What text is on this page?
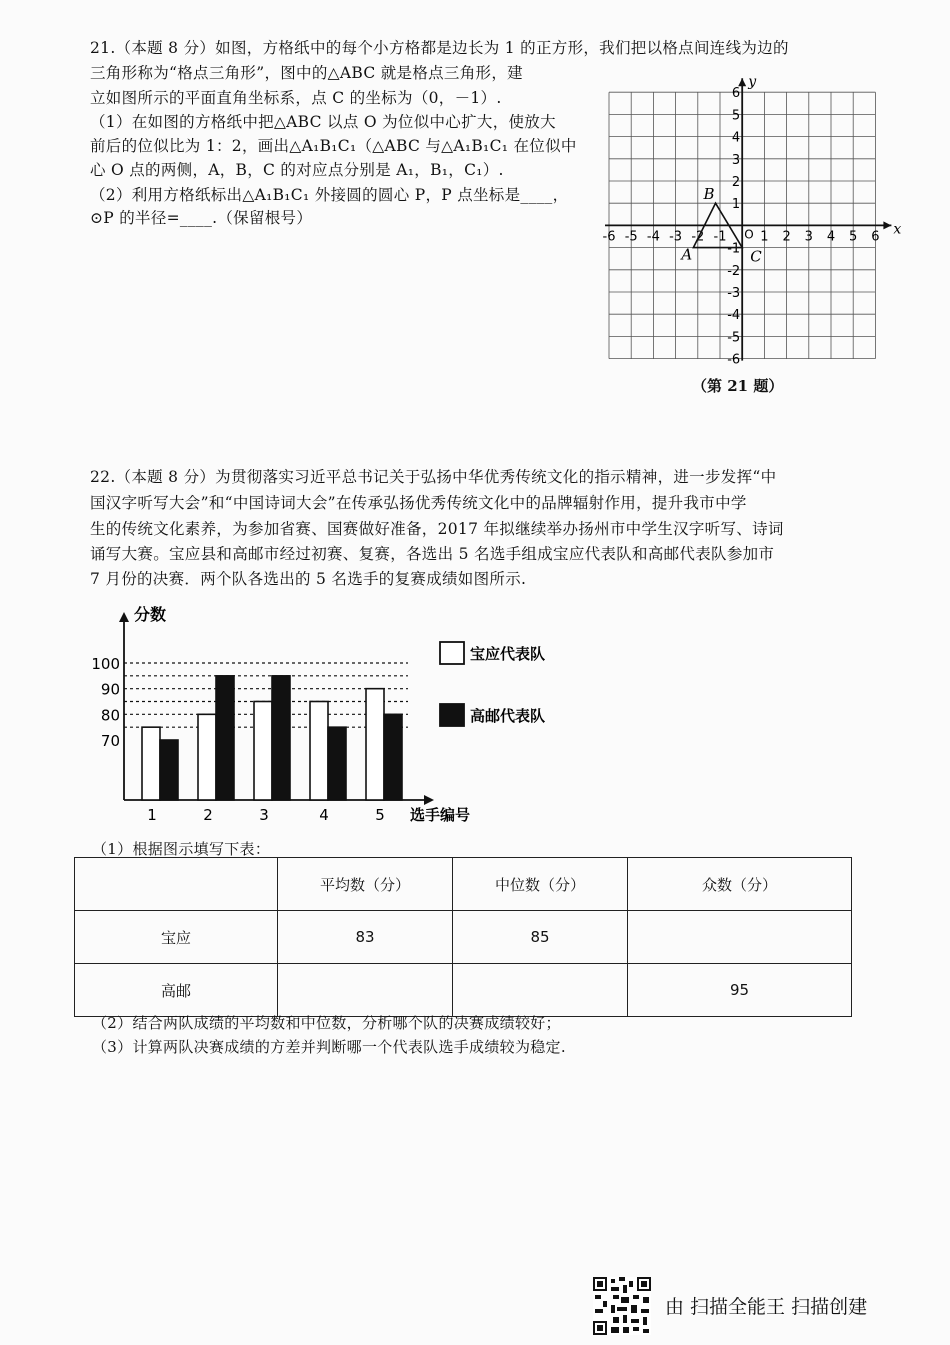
21.（本题 8 分）如图，方格纸中的每个小方格都是边长为 1 的正方形，我们把以格点间连线为边的
三角形称为“格点三角形”，图中的△ABC 就是格点三角形，建
立如图所示的平面直角坐标系，点 C 的坐标为（0，－1）.
（1）在如图的方格纸中把△ABC 以点 O 为位似中心扩大，使放大
前后的位似比为 1：2，画出△A₁B₁C₁（△ABC 与△A₁B₁C₁ 在位似中
心 O 点的两侧，A，B，C 的对应点分别是 A₁，B₁，C₁）.
（2）利用方格纸标出△A₁B₁C₁ 外接圆的圆心 P，P 点坐标是____，
⊙P 的半径=____.（保留根号）
x
y
O
-6 -5 -4 -3 -2 -1	1 2 3 4 5 6
6
5
4
3
2
1
-1
-2
-3
-4
-5
-6
A
B
C
（第 21 题）
22.（本题 8 分）为贯彻落实习近平总书记关于弘扬中华优秀传统文化的指示精神，进一步发挥“中
国汉字听写大会”和“中国诗词大会”在传承弘扬优秀传统文化中的品牌辐射作用，提升我市中学
生的传统文化素养，为参加省赛、国赛做好准备，2017 年拟继续举办扬州市中学生汉字听写、诗词
诵写大赛。宝应县和高邮市经过初赛、复赛，各选出 5 名选手组成宝应代表队和高邮代表队参加市
7 月份的决赛．两个队各选出的 5 名选手的复赛成绩如图所示.
分数
选手编号
100
90
80
70
1	2	3	4	5
宝应代表队
高邮代表队
（1）根据图示填写下表：
	平均数（分）	中位数（分）	众数（分）
宝应	83	85	
高邮			95
（2）结合两队成绩的平均数和中位数，分析哪个队的决赛成绩较好；
（3）计算两队决赛成绩的方差并判断哪一个代表队选手成绩较为稳定.
由 扫描全能王 扫描创建
